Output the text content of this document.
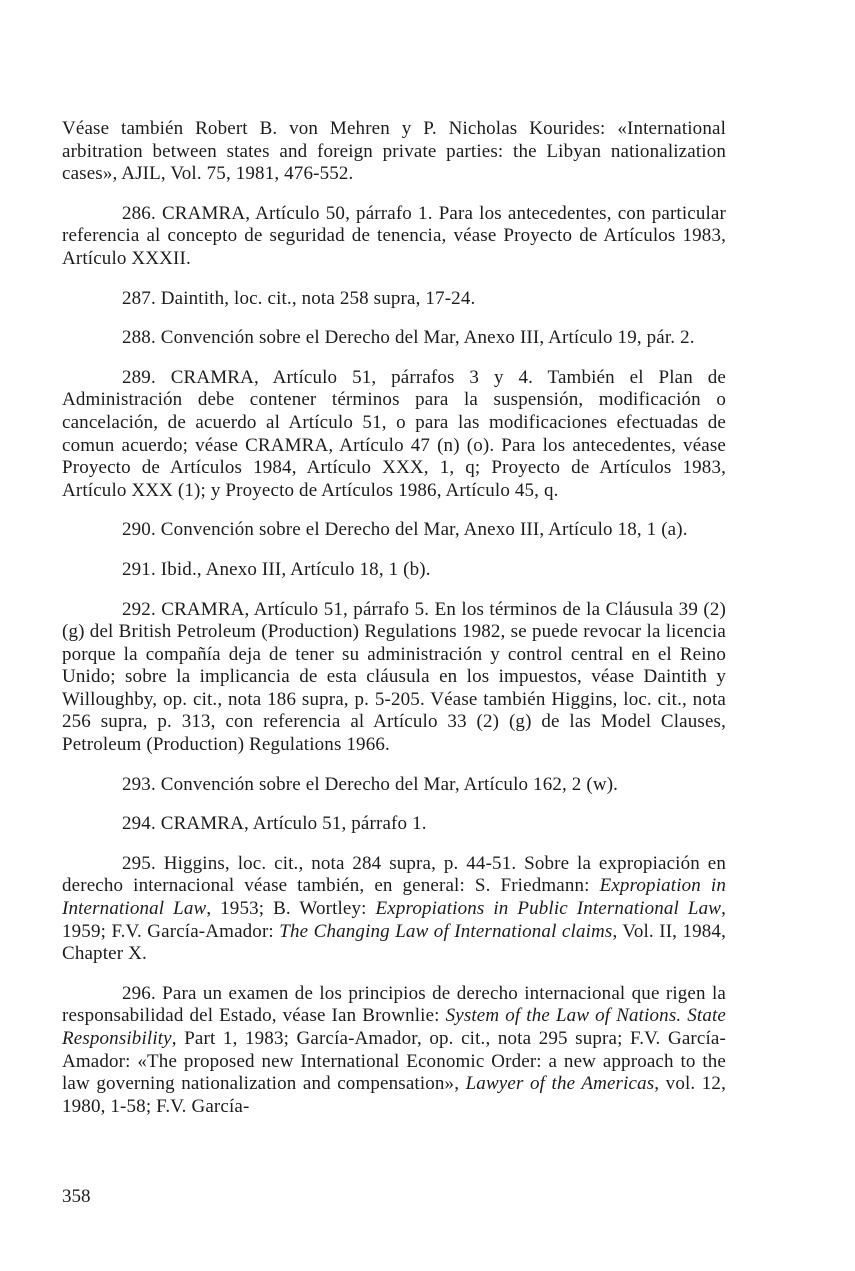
Véase también Robert B. von Mehren y P. Nicholas Kourides: «International arbitration between states and foreign private parties: the Libyan nationalization cases», AJIL, Vol. 75, 1981, 476-552.

286. CRAMRA, Artículo 50, párrafo 1. Para los antecedentes, con particular referencia al concepto de seguridad de tenencia, véase Proyecto de Artículos 1983, Artículo XXXII.

287. Daintith, loc. cit., nota 258 supra, 17-24.

288. Convención sobre el Derecho del Mar, Anexo III, Artículo 19, pár. 2.

289. CRAMRA, Artículo 51, párrafos 3 y 4. También el Plan de Administración debe contener términos para la suspensión, modificación o cancelación, de acuerdo al Artículo 51, o para las modificaciones efectuadas de comun acuerdo; véase CRAMRA, Artículo 47 (n) (o). Para los antecedentes, véase Proyecto de Artículos 1984, Artículo XXX, 1, q; Proyecto de Artículos 1983, Artículo XXX (1); y Proyecto de Artículos 1986, Artículo 45, q.

290. Convención sobre el Derecho del Mar, Anexo III, Artículo 18, 1 (a).

291. Ibid., Anexo III, Artículo 18, 1 (b).

292. CRAMRA, Artículo 51, párrafo 5. En los términos de la Cláusula 39 (2) (g) del British Petroleum (Production) Regulations 1982, se puede revocar la licencia porque la compañía deja de tener su administración y control central en el Reino Unido; sobre la implicancia de esta cláusula en los impuestos, véase Daintith y Willoughby, op. cit., nota 186 supra, p. 5-205. Véase también Higgins, loc. cit., nota 256 supra, p. 313, con referencia al Artículo 33 (2) (g) de las Model Clauses, Petroleum (Production) Regulations 1966.

293. Convención sobre el Derecho del Mar, Artículo 162, 2 (w).

294. CRAMRA, Artículo 51, párrafo 1.

295. Higgins, loc. cit., nota 284 supra, p. 44-51. Sobre la expropiación en derecho internacional véase también, en general: S. Friedmann: Expropiation in International Law, 1953; B. Wortley: Expropiations in Public International Law, 1959; F.V. García-Amador: The Changing Law of International claims, Vol. II, 1984, Chapter X.

296. Para un examen de los principios de derecho internacional que rigen la responsabilidad del Estado, véase Ian Brownlie: System of the Law of Nations. State Responsibility, Part 1, 1983; García-Amador, op. cit., nota 295 supra; F.V. García-Amador: «The proposed new International Economic Order: a new approach to the law governing nationalization and compensation», Lawyer of the Americas, vol. 12, 1980, 1-58; F.V. García-

358
